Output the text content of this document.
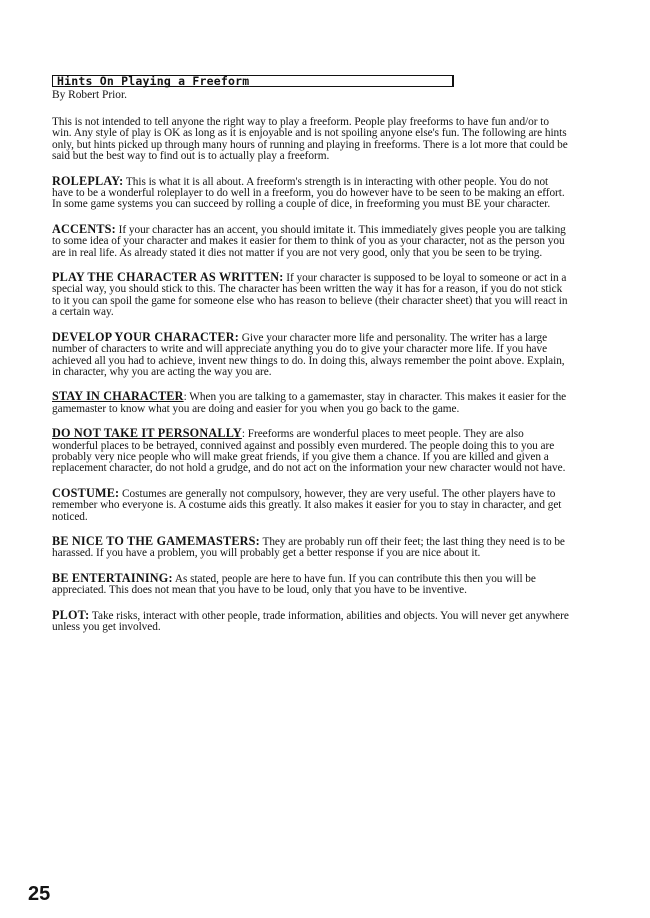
Hints On Playing a Freeform
By Robert Prior.

This is not intended to tell anyone the right way to play a freeform. People play freeforms to have fun and/or to win. Any style of play is OK as long as it is enjoyable and is not spoiling anyone else's fun. The following are hints only, but hints picked up through many hours of running and playing in freeforms. There is a lot more that could be said but the best way to find out is to actually play a freeform.

ROLEPLAY: This is what it is all about. A freeform's strength is in interacting with other people. You do not have to be a wonderful roleplayer to do well in a freeform, you do however have to be seen to be making an effort. In some game systems you can succeed by rolling a couple of dice, in freeforming you must BE your character.

ACCENTS: If your character has an accent, you should imitate it. This immediately gives people you are talking to some idea of your character and makes it easier for them to think of you as your character, not as the person you are in real life. As already stated it dies not matter if you are not very good, only that you be seen to be trying.

PLAY THE CHARACTER AS WRITTEN: If your character is supposed to be loyal to someone or act in a special way, you should stick to this. The character has been written the way it has for a reason, if you do not stick to it you can spoil the game for someone else who has reason to believe (their character sheet) that you will react in a certain way.

DEVELOP YOUR CHARACTER: Give your character more life and personality. The writer has a large number of characters to write and will appreciate anything you do to give your character more life. If you have achieved all you had to achieve, invent new things to do. In doing this, always remember the point above. Explain, in character, why you are acting the way you are.

STAY IN CHARACTER: When you are talking to a gamemaster, stay in character. This makes it easier for the gamemaster to know what you are doing and easier for you when you go back to the game.

DO NOT TAKE IT PERSONALLY: Freeforms are wonderful places to meet people. They are also wonderful places to be betrayed, connived against and possibly even murdered. The people doing this to you are probably very nice people who will make great friends, if you give them a chance. If you are killed and given a replacement character, do not hold a grudge, and do not act on the information your new character would not have.

COSTUME: Costumes are generally not compulsory, however, they are very useful. The other players have to remember who everyone is. A costume aids this greatly. It also makes it easier for you to stay in character, and get noticed.

BE NICE TO THE GAMEMASTERS: They are probably run off their feet; the last thing they need is to be harassed. If you have a problem, you will probably get a better response if you are nice about it.

BE ENTERTAINING: As stated, people are here to have fun. If you can contribute this then you will be appreciated. This does not mean that you have to be loud, only that you have to be inventive.

PLOT: Take risks, interact with other people, trade information, abilities and objects. You will never get anywhere unless you get involved.

25
